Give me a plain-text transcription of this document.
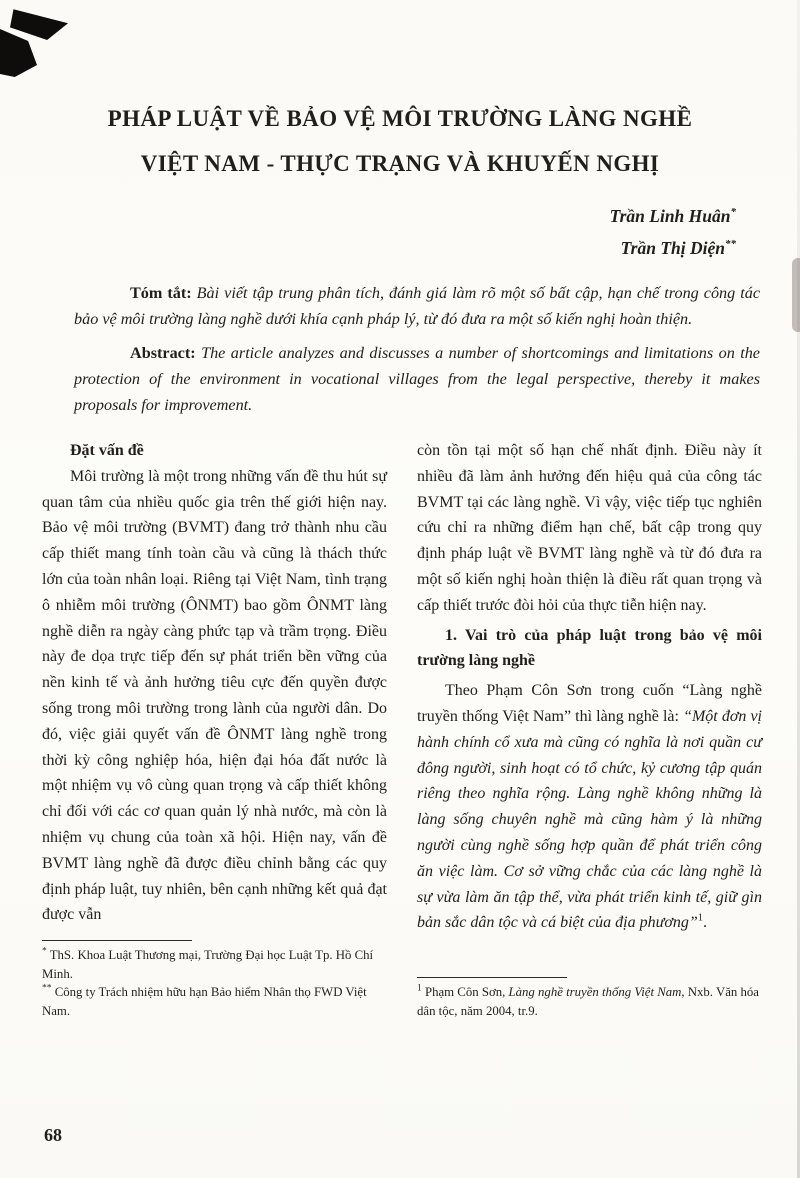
PHÁP LUẬT VỀ BẢO VỆ MÔI TRƯỜNG LÀNG NGHỀ
VIỆT NAM - THỰC TRẠNG VÀ KHUYẾN NGHỊ
Trần Linh Huân*
Trần Thị Diện**

Tóm tắt: Bài viết tập trung phân tích, đánh giá làm rõ một số bất cập, hạn chế trong công tác bảo vệ môi trường làng nghề dưới khía cạnh pháp lý, từ đó đưa ra một số kiến nghị hoàn thiện.

Abstract: The article analyzes and discusses a number of shortcomings and limitations on the protection of the environment in vocational villages from the legal perspective, thereby it makes proposals for improvement.

Đặt vấn đề

Môi trường là một trong những vấn đề thu hút sự quan tâm của nhiều quốc gia trên thế giới hiện nay. Bảo vệ môi trường (BVMT) đang trở thành nhu cầu cấp thiết mang tính toàn cầu và cũng là thách thức lớn của toàn nhân loại. Riêng tại Việt Nam, tình trạng ô nhiễm môi trường (ÔNMT) bao gồm ÔNMT làng nghề diễn ra ngày càng phức tạp và trầm trọng. Điều này đe dọa trực tiếp đến sự phát triển bền vững của nền kinh tế và ảnh hưởng tiêu cực đến quyền được sống trong môi trường trong lành của người dân. Do đó, việc giải quyết vấn đề ÔNMT làng nghề trong thời kỳ công nghiệp hóa, hiện đại hóa đất nước là một nhiệm vụ vô cùng quan trọng và cấp thiết không chỉ đối với các cơ quan quản lý nhà nước, mà còn là nhiệm vụ chung của toàn xã hội. Hiện nay, vấn đề BVMT làng nghề đã được điều chỉnh bằng các quy định pháp luật, tuy nhiên, bên cạnh những kết quả đạt được vẫn

* ThS. Khoa Luật Thương mại, Trường Đại học Luật Tp. Hồ Chí Minh.

** Công ty Trách nhiệm hữu hạn Bảo hiểm Nhân thọ FWD Việt Nam.

còn tồn tại một số hạn chế nhất định. Điều này ít nhiều đã làm ảnh hưởng đến hiệu quả của công tác BVMT tại các làng nghề. Vì vậy, việc tiếp tục nghiên cứu chỉ ra những điểm hạn chế, bất cập trong quy định pháp luật về BVMT làng nghề và từ đó đưa ra một số kiến nghị hoàn thiện là điều rất quan trọng và cấp thiết trước đòi hỏi của thực tiễn hiện nay.

1. Vai trò của pháp luật trong bảo vệ môi trường làng nghề

Theo Phạm Côn Sơn trong cuốn “Làng nghề truyền thống Việt Nam” thì làng nghề là: “Một đơn vị hành chính cổ xưa mà cũng có nghĩa là nơi quần cư đông người, sinh hoạt có tổ chức, kỷ cương tập quán riêng theo nghĩa rộng. Làng nghề không những là làng sống chuyên nghề mà cũng hàm ý là những người cùng nghề sống hợp quần để phát triển công ăn việc làm. Cơ sở vững chắc của các làng nghề là sự vừa làm ăn tập thể, vừa phát triển kinh tế, giữ gìn bản sắc dân tộc và cá biệt của địa phương”$^1$.

$^1$ Phạm Côn Sơn, Làng nghề truyền thống Việt Nam, Nxb. Văn hóa dân tộc, năm 2004, tr.9.

68
